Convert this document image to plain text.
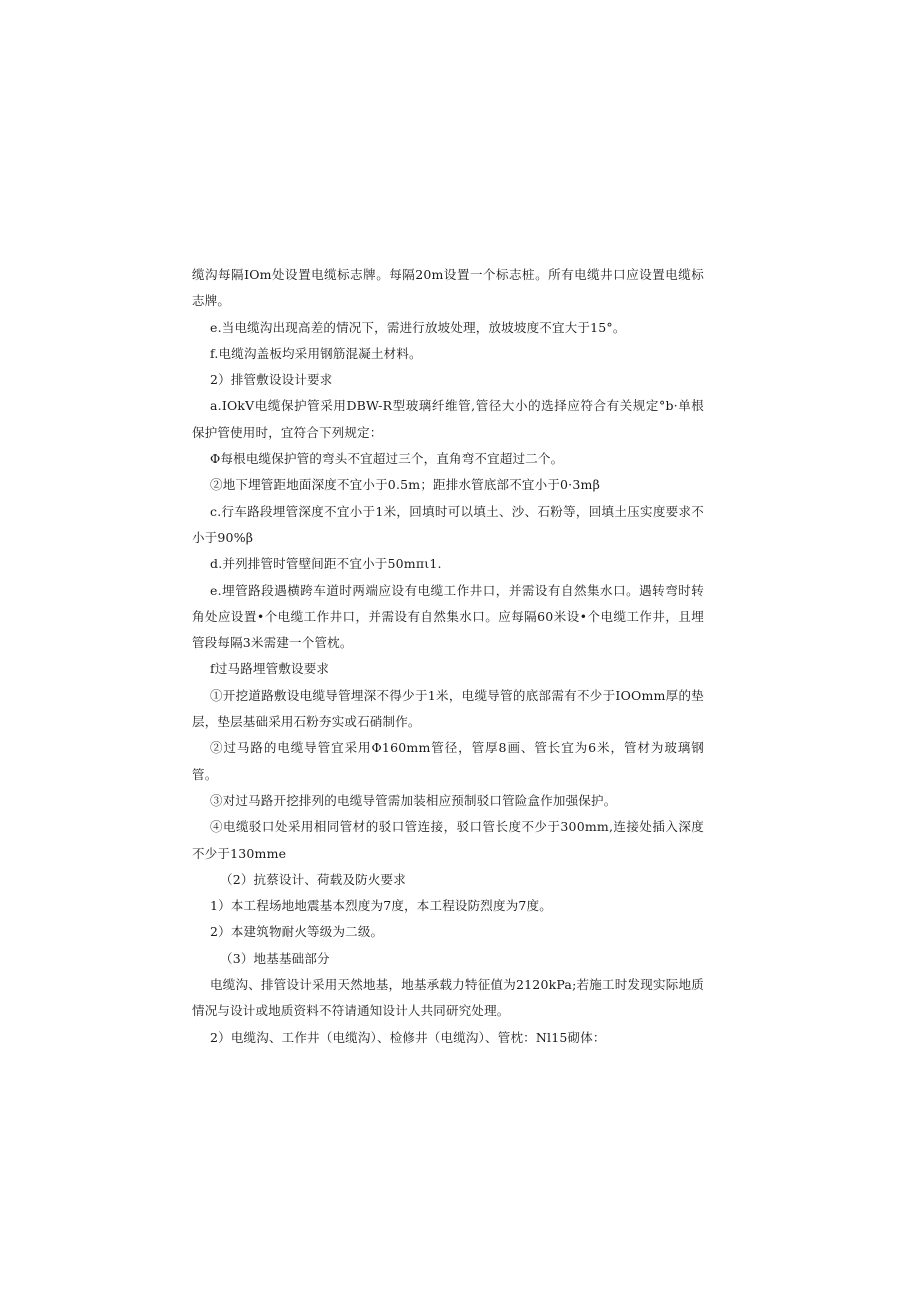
缆沟每隔IOm处设置电缆标志牌。每隔20m设置一个标志桩。所有电缆井口应设置电缆标志牌。

e.当电缆沟出现高差的情况下，需进行放坡处理，放坡坡度不宜大于15°。

f.电缆沟盖板均采用钢筋混凝土材料。

2）排管敷设设计要求

a.IOkV电缆保护管采用DBW-R型玻璃纤维管,管径大小的选择应符合有关规定°b·单根保护管使用时，宜符合下列规定：

Φ每根电缆保护管的弯头不宜超过三个，直角弯不宜超过二个。

②地下埋管距地面深度不宜小于0.5m；距排水管底部不宜小于0·3mβ

c.行车路段埋管深度不宜小于1米，回填时可以填土、沙、石粉等，回填土压实度要求不小于90%β

d.并列排管时管壁间距不宜小于50mπι1.

e.埋管路段遇横跨车道时两端应设有电缆工作井口，并需设有自然集水口。遇转弯时转角处应设置•个电缆工作井口，并需设有自然集水口。应每隔60米设•个电缆工作井，且埋管段每隔3米需建一个管枕。

f过马路埋管敷设要求

①开挖道路敷设电缆导管埋深不得少于1米，电缆导管的底部需有不少于IOOmm厚的垫层，垫层基础采用石粉夯实或石硝制作。

②过马路的电缆导管宜采用Φ160mm管径，管厚8画、管长宜为6米，管材为玻璃钢管。

③对过马路开挖排列的电缆导管需加装相应预制驳口管险盒作加强保护。

④电缆驳口处采用相同管材的驳口管连接，驳口管长度不少于300mm,连接处插入深度不少于130mme

（2）抗蔡设计、荷载及防火要求

1）本工程场地地震基本烈度为7度，本工程设防烈度为7度。

2）本建筑物耐火等级为二级。

（3）地基基础部分

电缆沟、排管设计采用天然地基，地基承载力特征值为2120kPa;若施工时发现实际地质情况与设计或地质资料不符请通知设计人共同研究处理。

2）电缆沟、工作井（电缆沟）、检修井（电缆沟）、管枕：Nl15砌体：
